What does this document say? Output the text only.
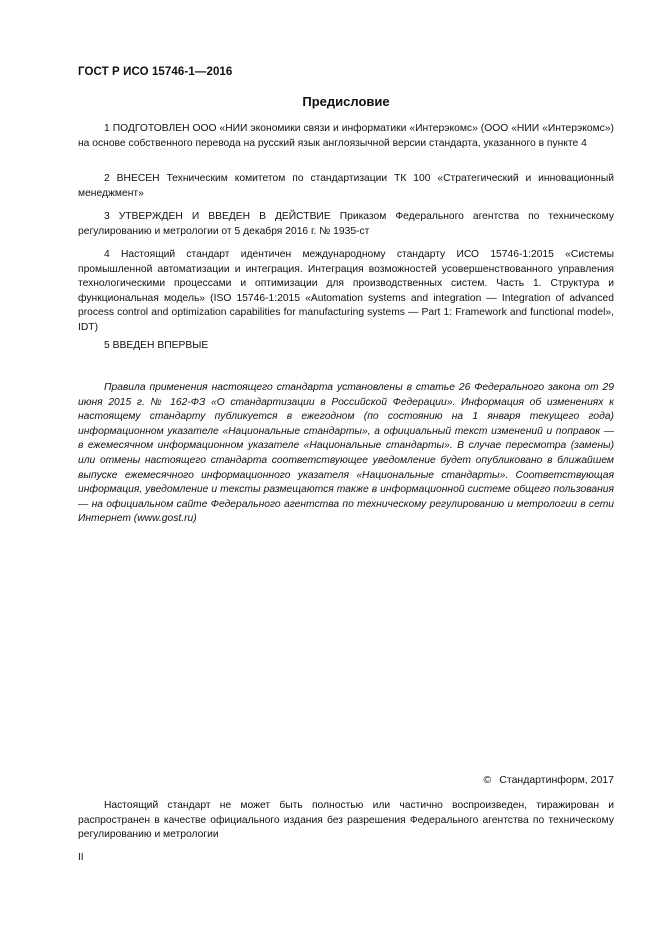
ГОСТ Р ИСО 15746-1—2016
Предисловие

1 ПОДГОТОВЛЕН ООО «НИИ экономики связи и информатики «Интерэкомс» (ООО «НИИ «Интерэкомс») на основе собственного перевода на русский язык англоязычной версии стандарта, указанного в пункте 4

2 ВНЕСЕН Техническим комитетом по стандартизации ТК 100 «Стратегический и инновационный менеджмент»

3 УТВЕРЖДЕН И ВВЕДЕН В ДЕЙСТВИЕ Приказом Федерального агентства по техническому регулированию и метрологии от 5 декабря 2016 г. № 1935-ст

4 Настоящий стандарт идентичен международному стандарту ИСО 15746-1:2015 «Системы промышленной автоматизации и интеграция. Интеграция возможностей усовершенствованного управления технологическими процессами и оптимизации для производственных систем. Часть 1. Структура и функциональная модель» (ISO 15746-1:2015 «Automation systems and integration — Integration of advanced process control and optimization capabilities for manufacturing systems — Part 1: Framework and functional model», IDT)

5 ВВЕДЕН ВПЕРВЫЕ

Правила применения настоящего стандарта установлены в статье 26 Федерального закона от 29 июня 2015 г. № 162-ФЗ «О стандартизации в Российской Федерации». Информация об изменениях к настоящему стандарту публикуется в ежегодном (по состоянию на 1 января текущего года) информационном указателе «Национальные стандарты», а официальный текст изменений и поправок — в ежемесячном информационном указателе «Национальные стандарты». В случае пересмотра (замены) или отмены настоящего стандарта соответствующее уведомление будет опубликовано в ближайшем выпуске ежемесячного информационного указателя «Национальные стандарты». Соответствующая информация, уведомление и тексты размещаются также в информационной системе общего пользования — на официальном сайте Федерального агентства по техническому регулированию и метрологии в сети Интернет (www.gost.ru)

© Стандартинформ, 2017

Настоящий стандарт не может быть полностью или частично воспроизведен, тиражирован и распространен в качестве официального издания без разрешения Федерального агентства по техническому регулированию и метрологии

II
